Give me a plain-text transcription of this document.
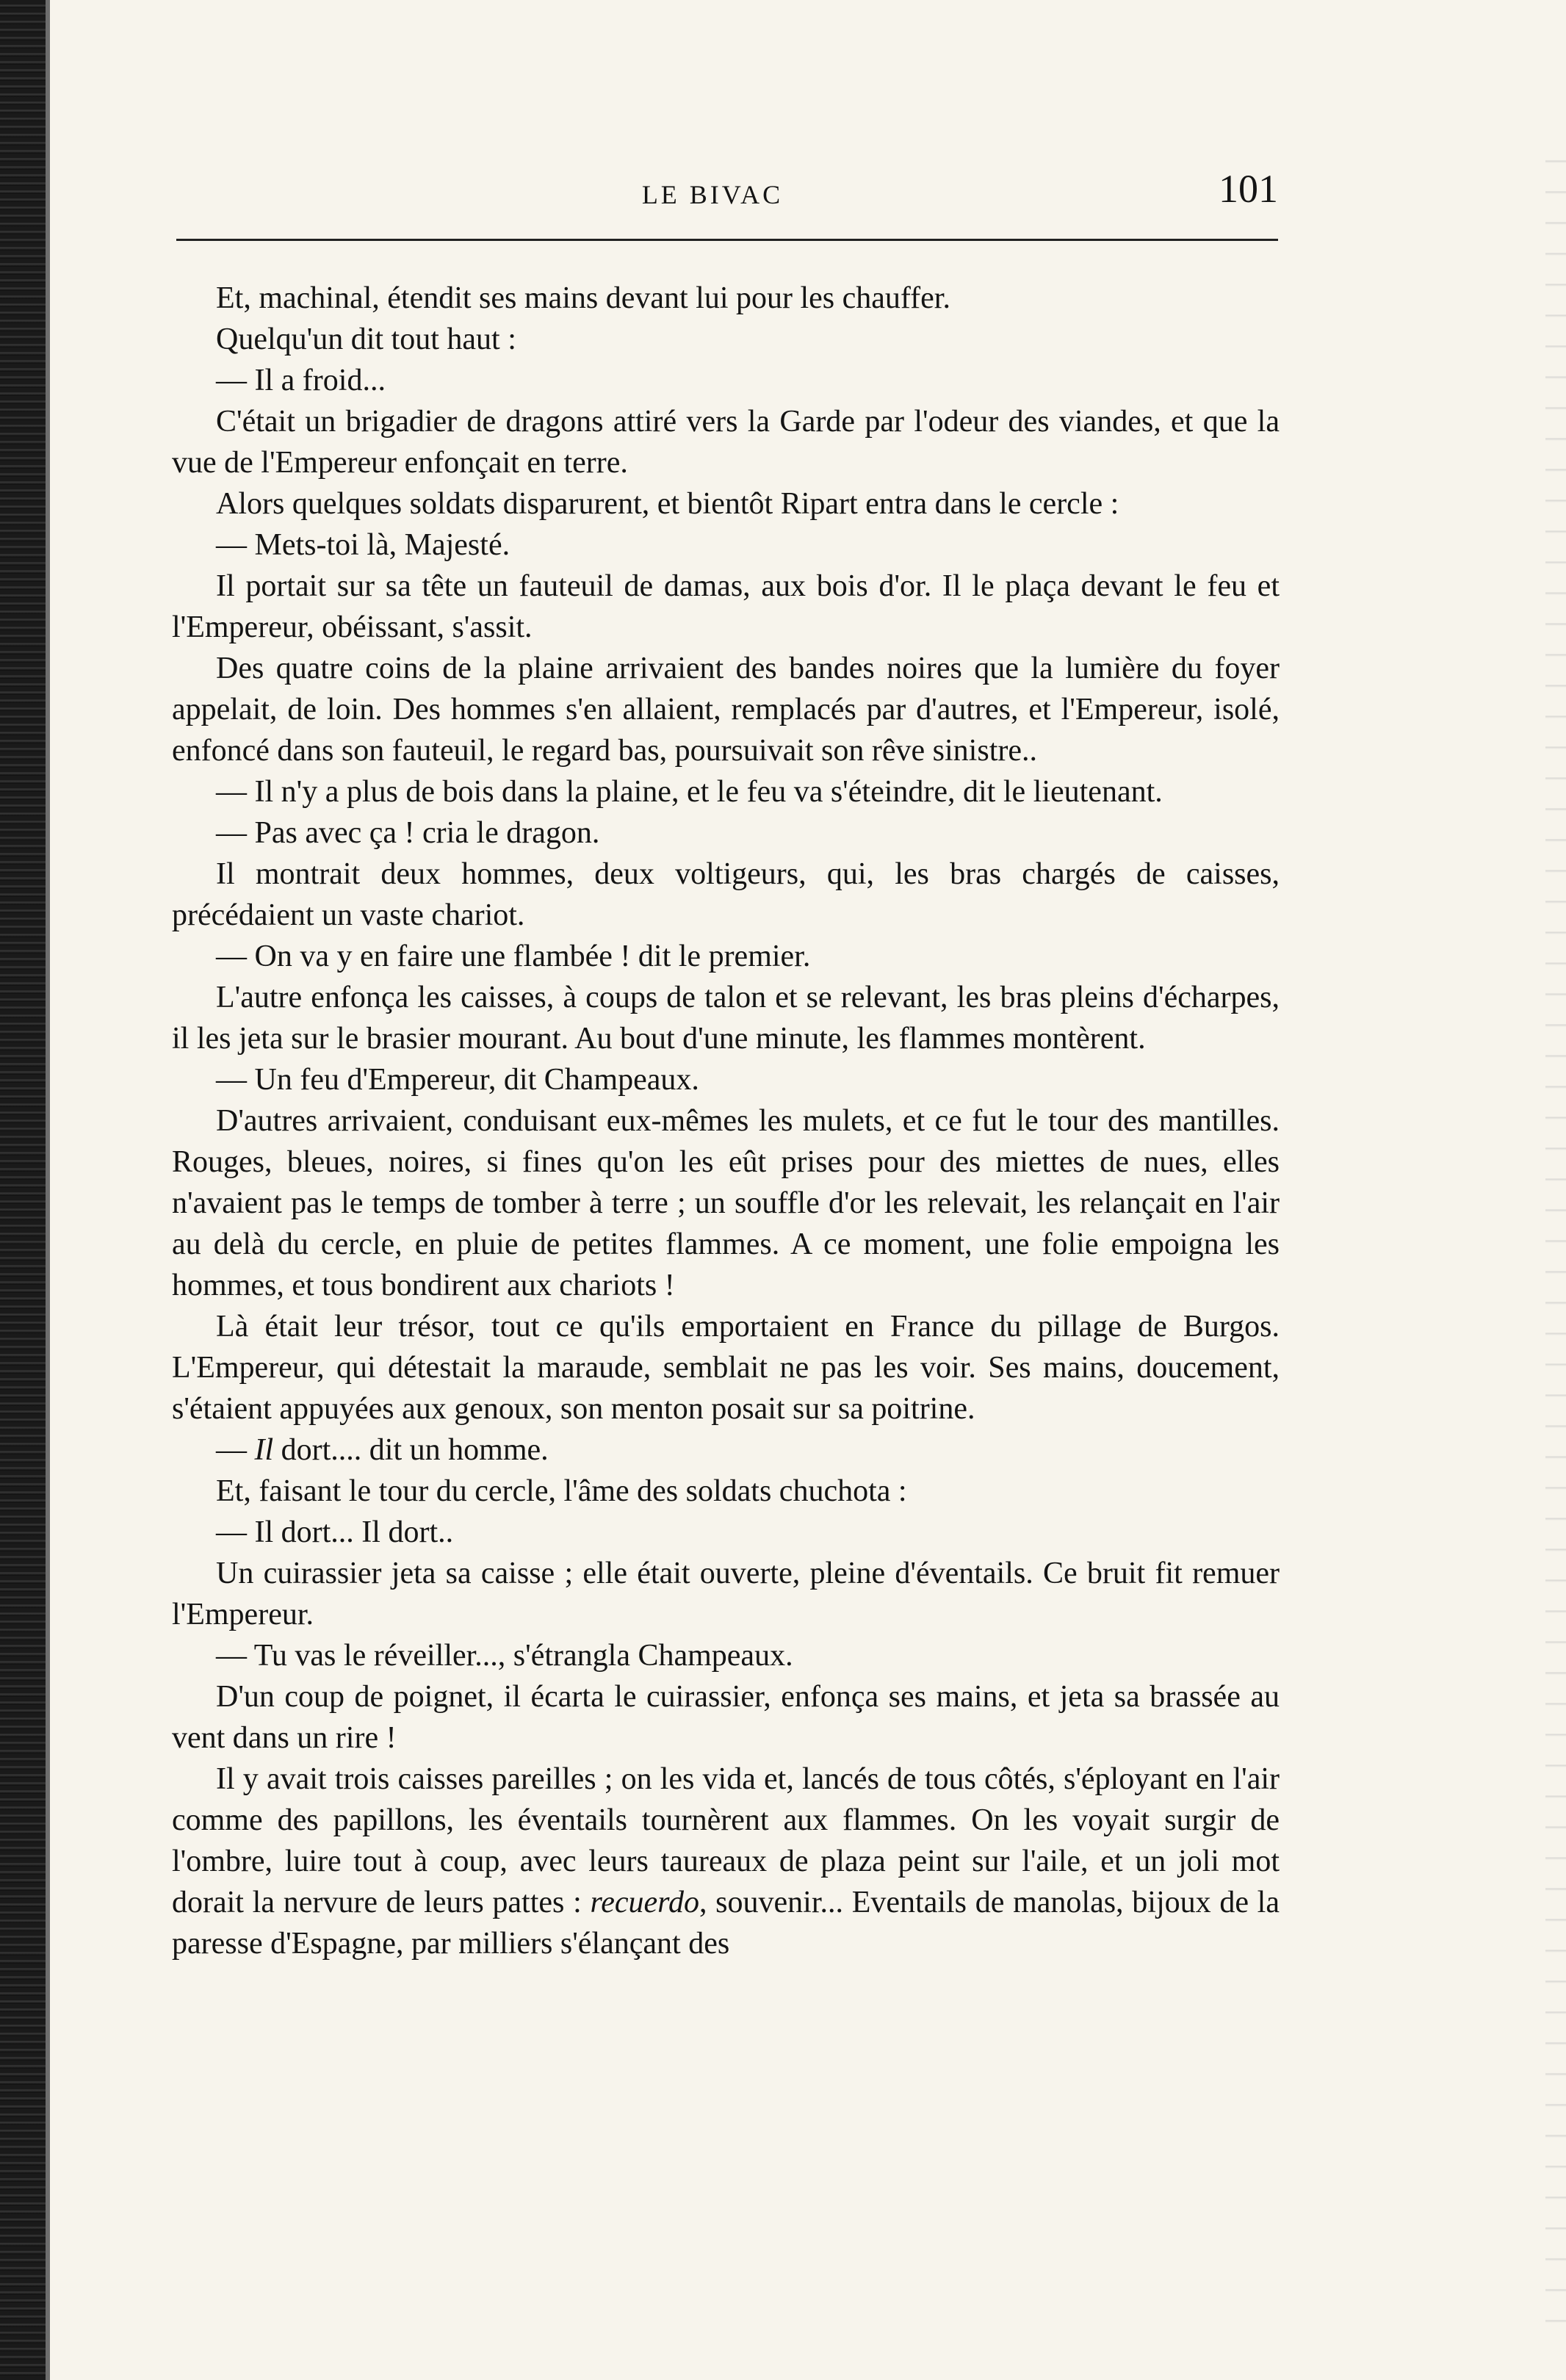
LE BIVAC	101

Et, machinal, étendit ses mains devant lui pour les chauffer.

Quelqu'un dit tout haut :

— Il a froid...

C'était un brigadier de dragons attiré vers la Garde par l'odeur des viandes, et que la vue de l'Empereur enfonçait en terre.

Alors quelques soldats disparurent, et bientôt Ripart entra dans le cercle :

— Mets-toi là, Majesté.

Il portait sur sa tête un fauteuil de damas, aux bois d'or. Il le plaça devant le feu et l'Empereur, obéissant, s'assit.

Des quatre coins de la plaine arrivaient des bandes noires que la lumière du foyer appelait, de loin. Des hommes s'en allaient, remplacés par d'autres, et l'Empereur, isolé, enfoncé dans son fauteuil, le regard bas, poursuivait son rêve sinistre..

— Il n'y a plus de bois dans la plaine, et le feu va s'éteindre, dit le lieutenant.

— Pas avec ça ! cria le dragon.

Il montrait deux hommes, deux voltigeurs, qui, les bras chargés de caisses, précédaient un vaste chariot.

— On va y en faire une flambée ! dit le premier.

L'autre enfonça les caisses, à coups de talon et se relevant, les bras pleins d'écharpes, il les jeta sur le brasier mourant. Au bout d'une minute, les flammes montèrent.

— Un feu d'Empereur, dit Champeaux.

D'autres arrivaient, conduisant eux-mêmes les mulets, et ce fut le tour des mantilles. Rouges, bleues, noires, si fines qu'on les eût prises pour des miettes de nues, elles n'avaient pas le temps de tomber à terre ; un souffle d'or les relevait, les relançait en l'air au delà du cercle, en pluie de petites flammes. A ce moment, une folie empoigna les hommes, et tous bondirent aux chariots !

Là était leur trésor, tout ce qu'ils emportaient en France du pillage de Burgos. L'Empereur, qui détestait la maraude, semblait ne pas les voir. Ses mains, doucement, s'étaient appuyées aux genoux, son menton posait sur sa poitrine.

— Il dort.... dit un homme.

Et, faisant le tour du cercle, l'âme des soldats chuchota :

— Il dort... Il dort..

Un cuirassier jeta sa caisse ; elle était ouverte, pleine d'éventails. Ce bruit fit remuer l'Empereur.

— Tu vas le réveiller..., s'étrangla Champeaux.

D'un coup de poignet, il écarta le cuirassier, enfonça ses mains, et jeta sa brassée au vent dans un rire !

Il y avait trois caisses pareilles ; on les vida et, lancés de tous côtés, s'éployant en l'air comme des papillons, les éventails tournèrent aux flammes. On les voyait surgir de l'ombre, luire tout à coup, avec leurs taureaux de plaza peint sur l'aile, et un joli mot dorait la nervure de leurs pattes : recuerdo, souvenir... Eventails de manolas, bijoux de la paresse d'Espagne, par milliers s'élançant des
